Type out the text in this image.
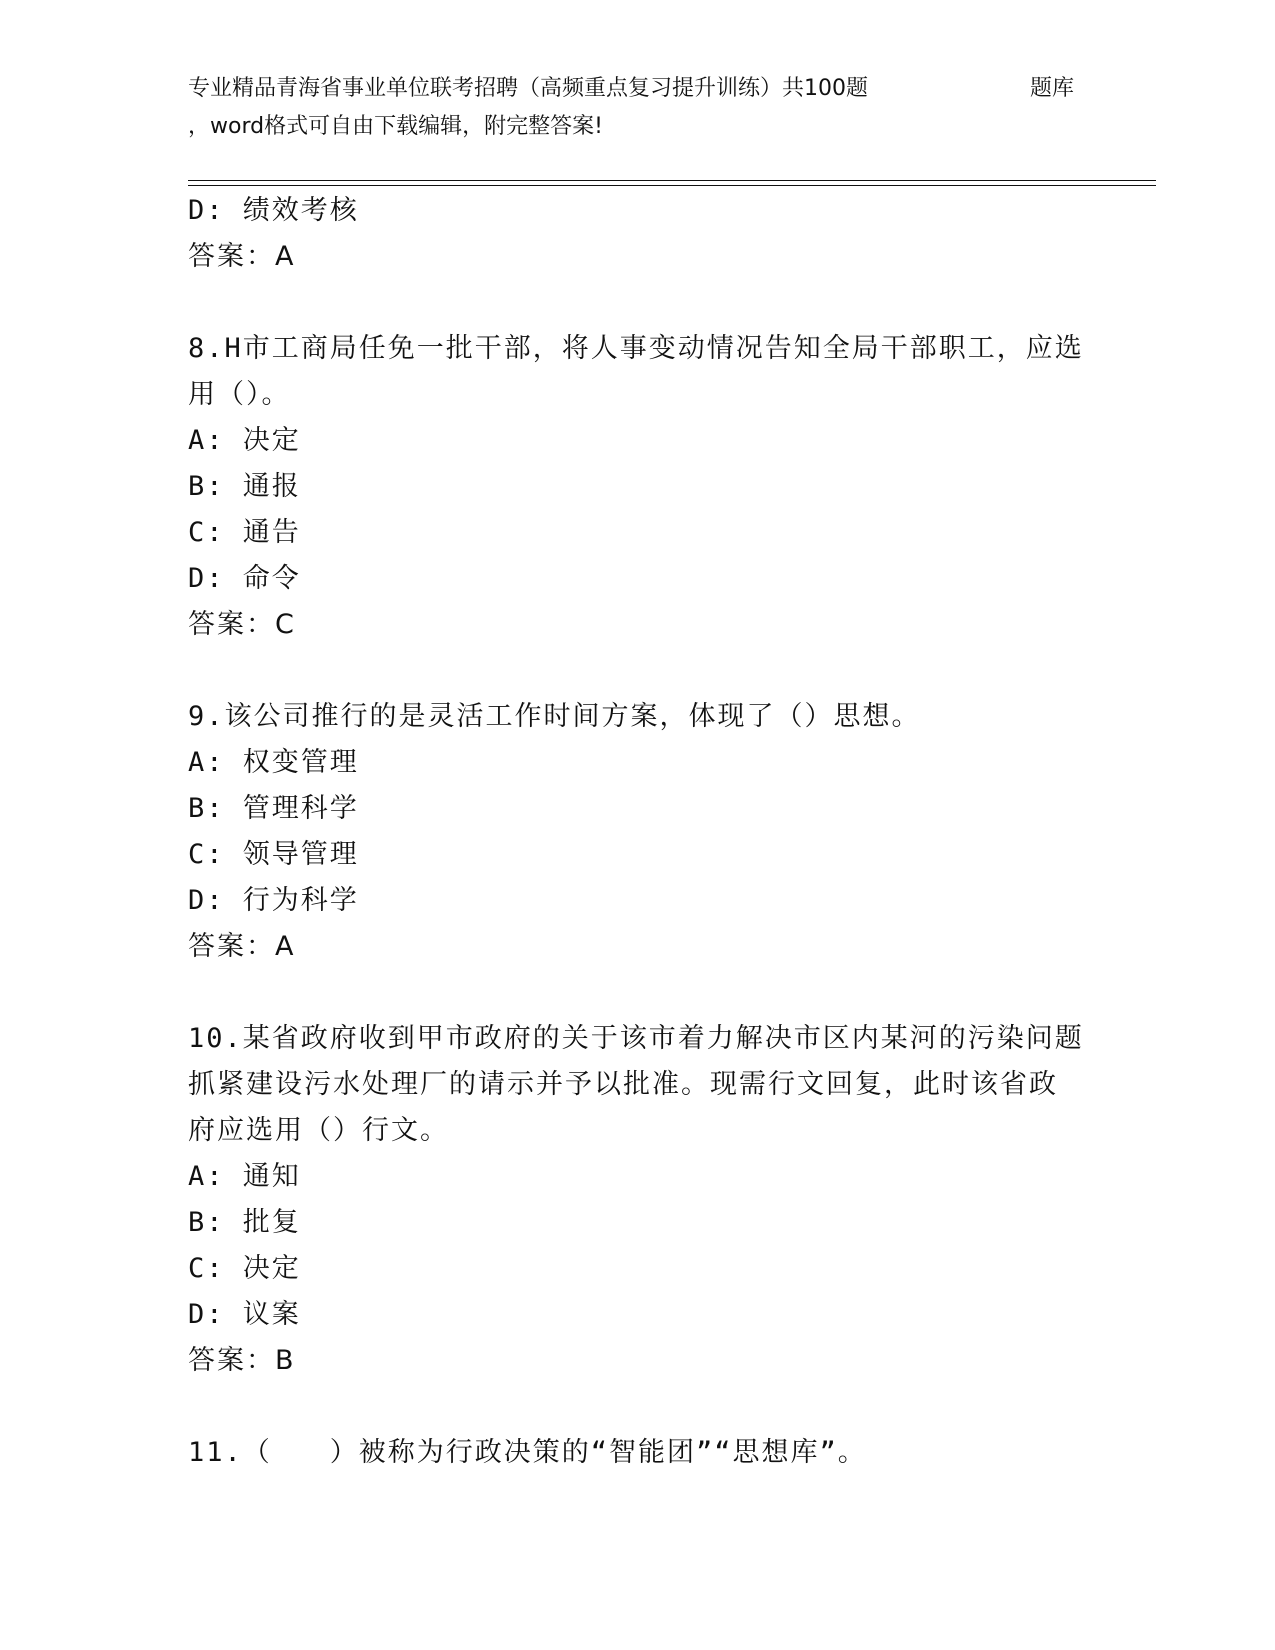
专业精品青海省事业单位联考招聘（高频重点复习提升训练）共100题	题库
，word格式可自由下载编辑，附完整答案!
D: 绩效考核
答案：A
8.H市工商局任免一批干部，将人事变动情况告知全局干部职工，应选
用（）。
A: 决定
B: 通报
C: 通告
D: 命令
答案：C
9.该公司推行的是灵活工作时间方案，体现了（）思想。
A: 权变管理
B: 管理科学
C: 领导管理
D: 行为科学
答案：A
10.某省政府收到甲市政府的关于该市着力解决市区内某河的污染问题
抓紧建设污水处理厂的请示并予以批准。现需行文回复，此时该省政
府应选用（）行文。
A: 通知
B: 批复
C: 决定
D: 议案
答案：B
11.（　　）被称为行政决策的“智能团”“思想库”。
